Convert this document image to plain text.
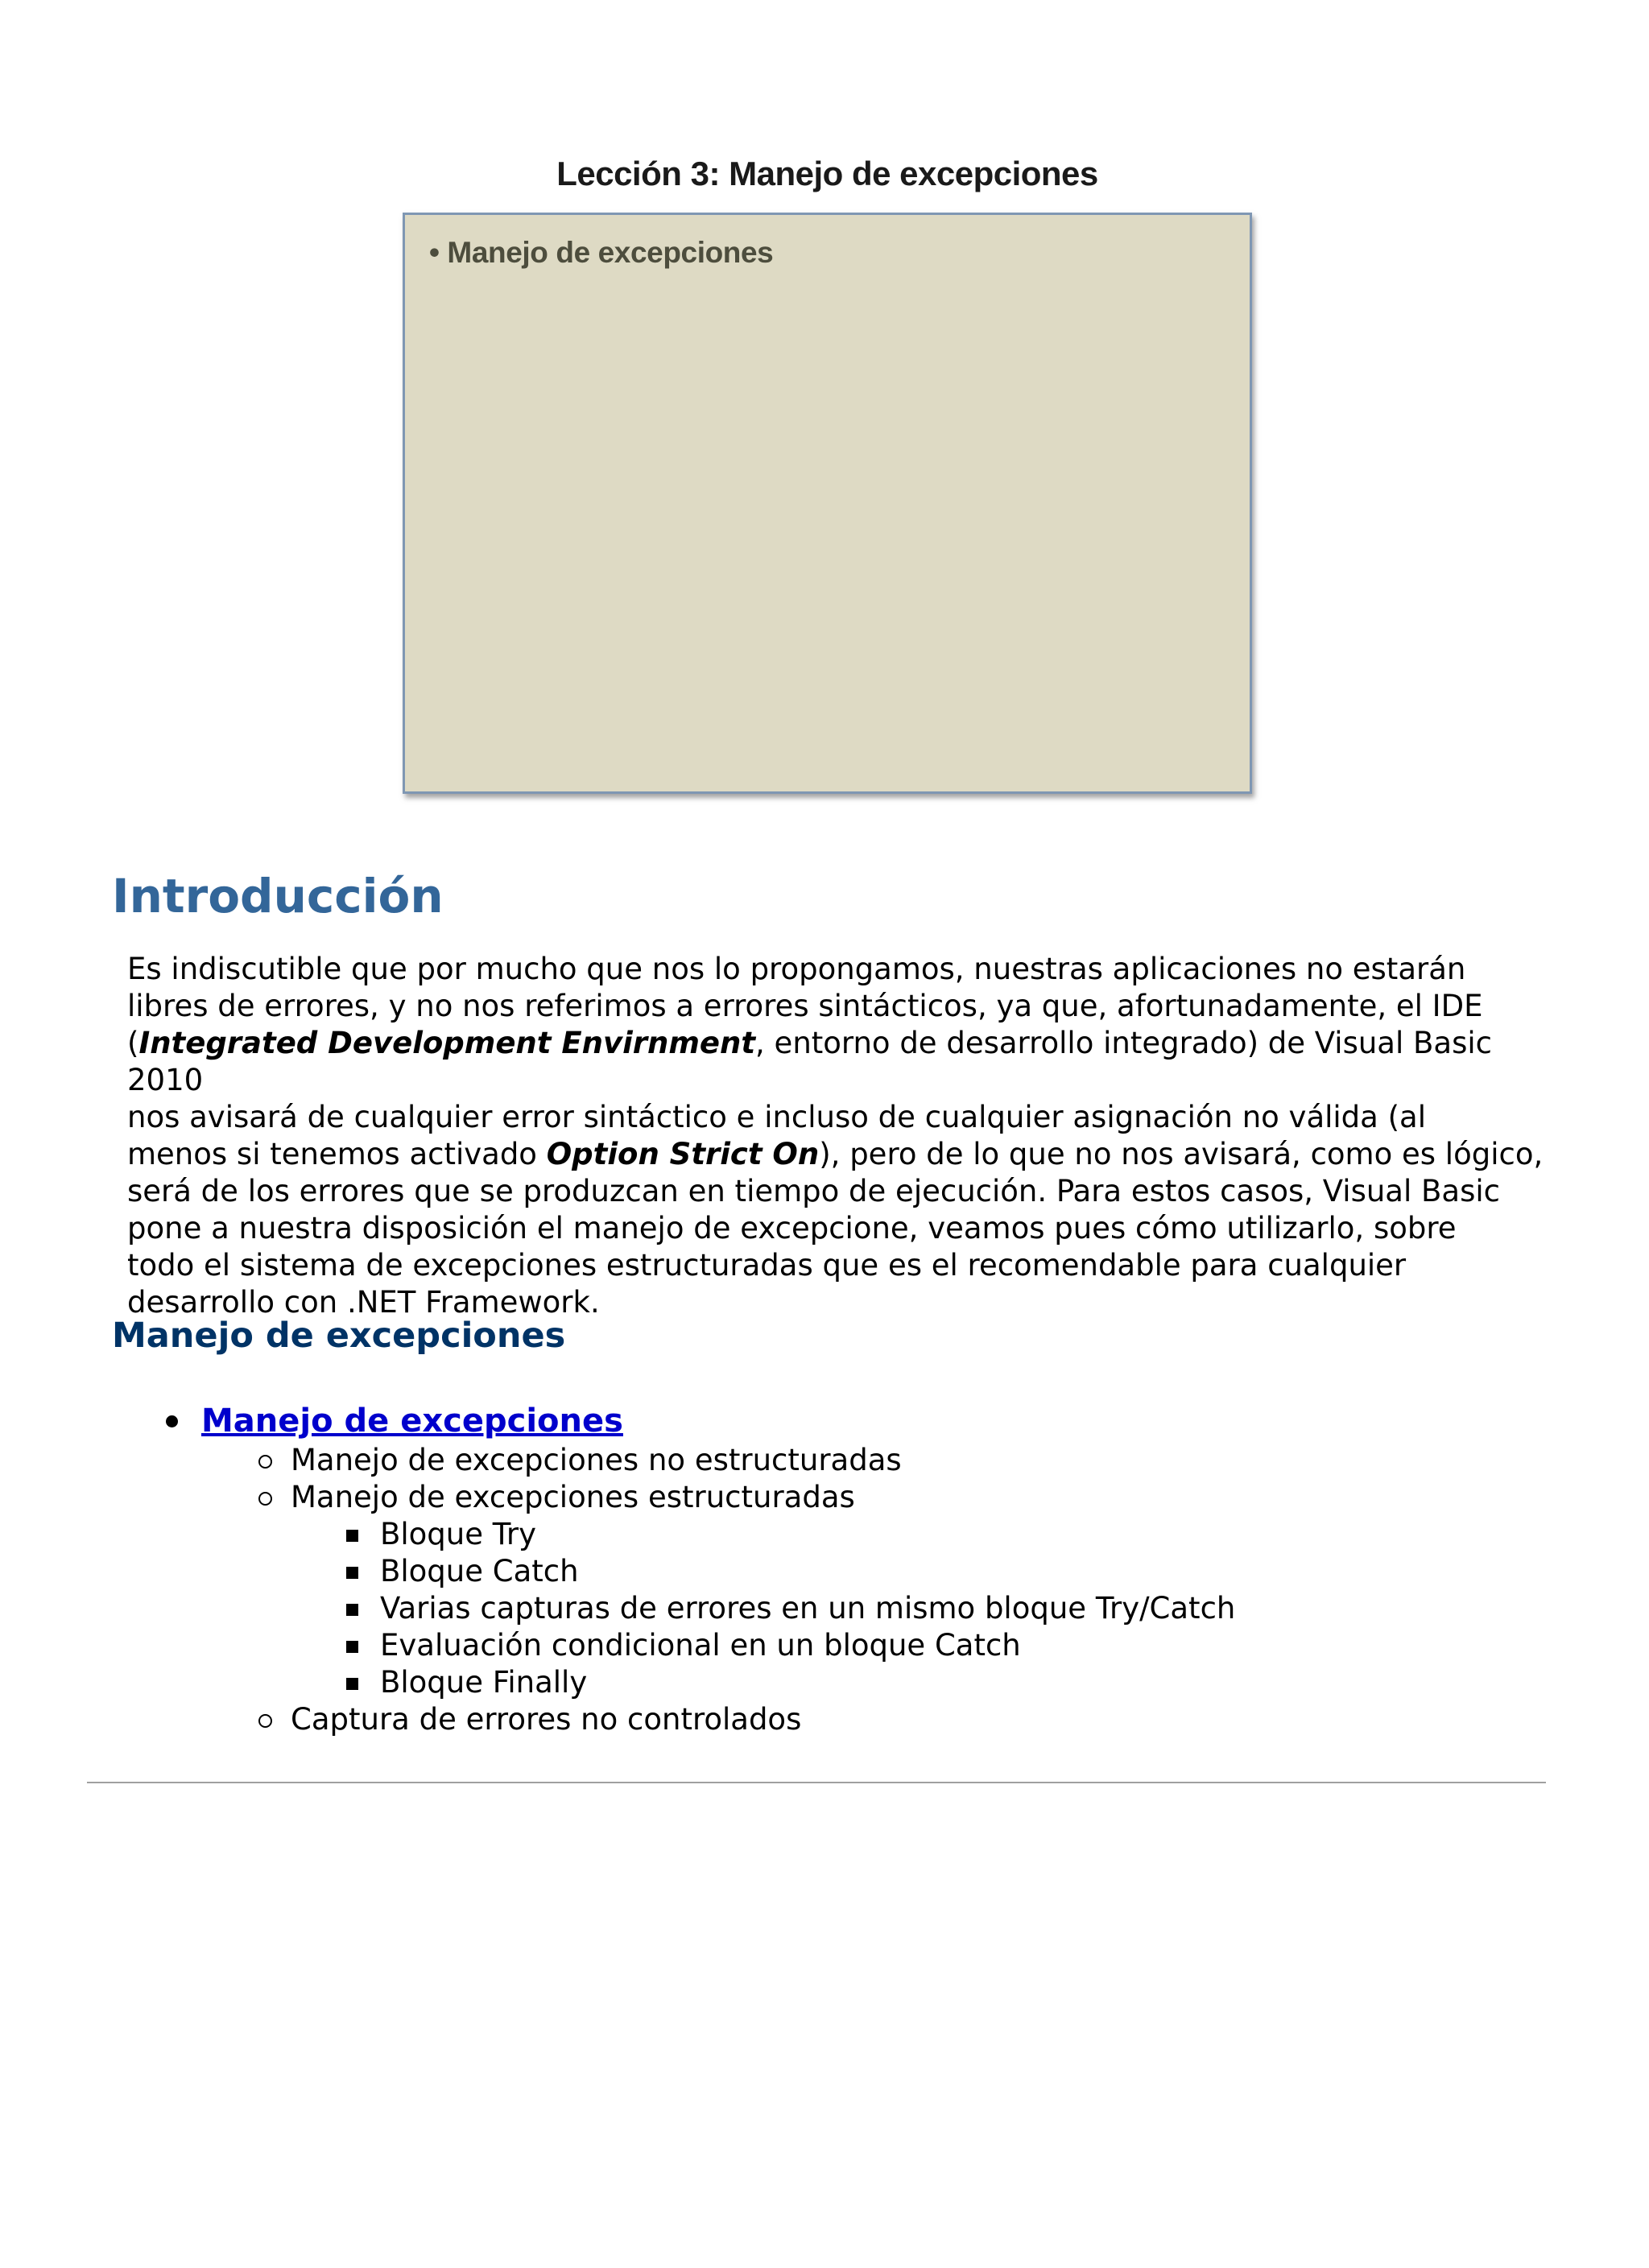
Lección 3: Manejo de excepciones
• Manejo de excepciones
Introducción

Es indiscutible que por mucho que nos lo propongamos, nuestras aplicaciones no estarán
libres de errores, y no nos referimos a errores sintácticos, ya que, afortunadamente, el IDE
(Integrated Development Envirnment, entorno de desarrollo integrado) de Visual Basic 2010
nos avisará de cualquier error sintáctico e incluso de cualquier asignación no válida (al
menos si tenemos activado Option Strict On), pero de lo que no nos avisará, como es lógico,
será de los errores que se produzcan en tiempo de ejecución. Para estos casos, Visual Basic
pone a nuestra disposición el manejo de excepcione, veamos pues cómo utilizarlo, sobre
todo el sistema de excepciones estructuradas que es el recomendable para cualquier
desarrollo con .NET Framework.

Manejo de excepciones
Manejo de excepciones
Manejo de excepciones no estructuradas
Manejo de excepciones estructuradas
Bloque Try
Bloque Catch
Varias capturas de errores en un mismo bloque Try/Catch
Evaluación condicional en un bloque Catch
Bloque Finally
Captura de errores no controlados
